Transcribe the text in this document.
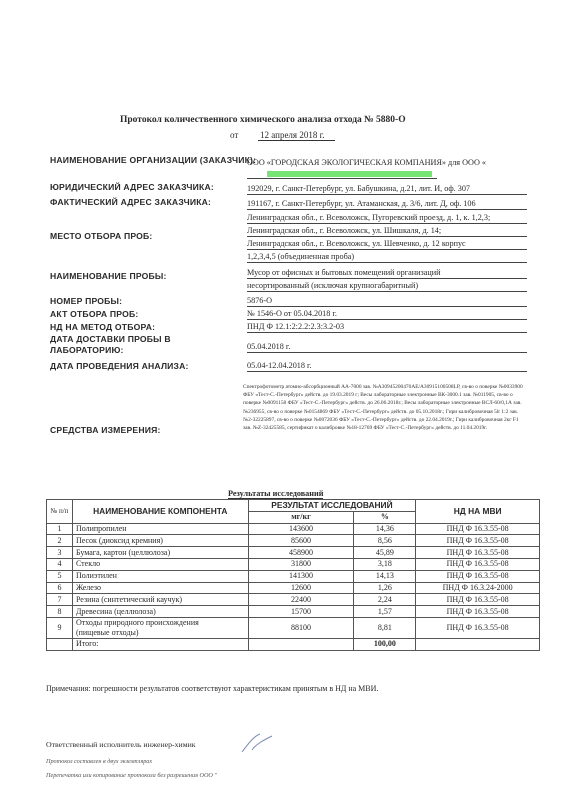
Протокол количественного химического анализа отхода № 5880-О
от 12 апреля 2018 г.
НАИМЕНОВАНИЕ ОРГАНИЗАЦИИ (ЗАКАЗЧИК):
ООО «ГОРОДСКАЯ ЭКОЛОГИЧЕСКАЯ КОМПАНИЯ» для ООО «
ЮРИДИЧЕСКИЙ АДРЕС ЗАКАЗЧИКА:	192029, г. Санкт-Петербург, ул. Бабушкина, д.21, лит. И, оф. 307
ФАКТИЧЕСКИЙ АДРЕС ЗАКАЗЧИКА:	191167, г. Санкт-Петербург, ул. Атаманская, д. 3/6, лит. Д, оф. 106
МЕСТО ОТБОРА ПРОБ:
Ленинградская обл., г. Всеволожск, Пугоревский проезд, д. 1, к. 1,2,3;
Ленинградская обл., г. Всеволожск, ул. Шишкаля, д. 14;
Ленинградская обл., г. Всеволожск, ул. Шевченко, д. 12 корпус
1,2,3,4,5 (объединенная проба)
НАИМЕНОВАНИЕ ПРОБЫ:	Мусор от офисных и бытовых помещений организаций
несортированный (исключая крупногабаритный)
НОМЕР ПРОБЫ:	5876-О
АКТ ОТБОРА ПРОБ:	№ 1546-О от 05.04.2018 г.
НД НА МЕТОД ОТБОРА:	ПНД Ф 12.1:2:2.2:2.3:3.2-03
ДАТА ДОСТАВКИ ПРОБЫ В ЛАБОРАТОРИЮ:	05.04.2018 г.
ДАТА ПРОВЕДЕНИЯ АНАЛИЗА:	05.04-12.04.2018 г.
СРЕДСТВА ИЗМЕРЕНИЯ:
Спектрофотометр атомно-абсорбционный АА-7000 зав. №A30945200470AE/A30915100508LP, св-во о поверке №0033900 ФБУ «Тест-С.-Петербург» действ. до 19.03.2019 г; Весы лабораторные электронные ВК-3000.1 зав. №011905, св-во о поверке №0091158 ФБУ «Тест-С.-Петербург» действ. до 26.06.2018г.; Весы лабораторные электронные ВСЛ-60/0,1А зав. №236955, св-во о поверке №0154869 ФБУ «Тест-С.-Петербург» действ. до 05.10.2018г.; Гири калибровочная 5lr 1:2 зав. №2-32225897, св-во о поверке №0072036 ФБУ «Тест-С.-Петербург» действ. до 22.04.2019г.; Гири калибровочная 2кг F1 зав. №Z-32425585, сертификат о калибровке №18-12769 ФБУ «Тест-С.-Петербург» действ. до 11.04.2019г.
Результаты исследований
№ п/п	НАИМЕНОВАНИЕ КОМПОНЕНТА	РЕЗУЛЬТАТ ИССЛЕДОВАНИЙ		НД НА МВИ
		мг/кг	%	
1	Полипропилен	143600	14,36	ПНД Ф 16.3.55-08
2	Песок (диоксид кремния)	85600	8,56	ПНД Ф 16.3.55-08
3	Бумага, картон (целлюлоза)	458900	45,89	ПНД Ф 16.3.55-08
4	Стекло	31800	3,18	ПНД Ф 16.3.55-08
5	Полиэтилен	141300	14,13	ПНД Ф 16.3.55-08
6	Железо	12600	1,26	ПНД Ф 16.3.24-2000
7	Резина (синтетический каучук)	22400	2,24	ПНД Ф 16.3.55-08
8	Древесина (целлюлоза)	15700	1,57	ПНД Ф 16.3.55-08
9	Отходы природного происхождения
(пищевые отходы)	88100	8,81	ПНД Ф 16.3.55-08
	Итого:		100,00	
Примечания: погрешности результатов соответствуют характеристикам принятым в НД на МВИ.
Ответственный исполнитель инженер-химик
Протокол составлен в двух экземплярах
Перепечатка или копирование протокола без разрешения ООО "
